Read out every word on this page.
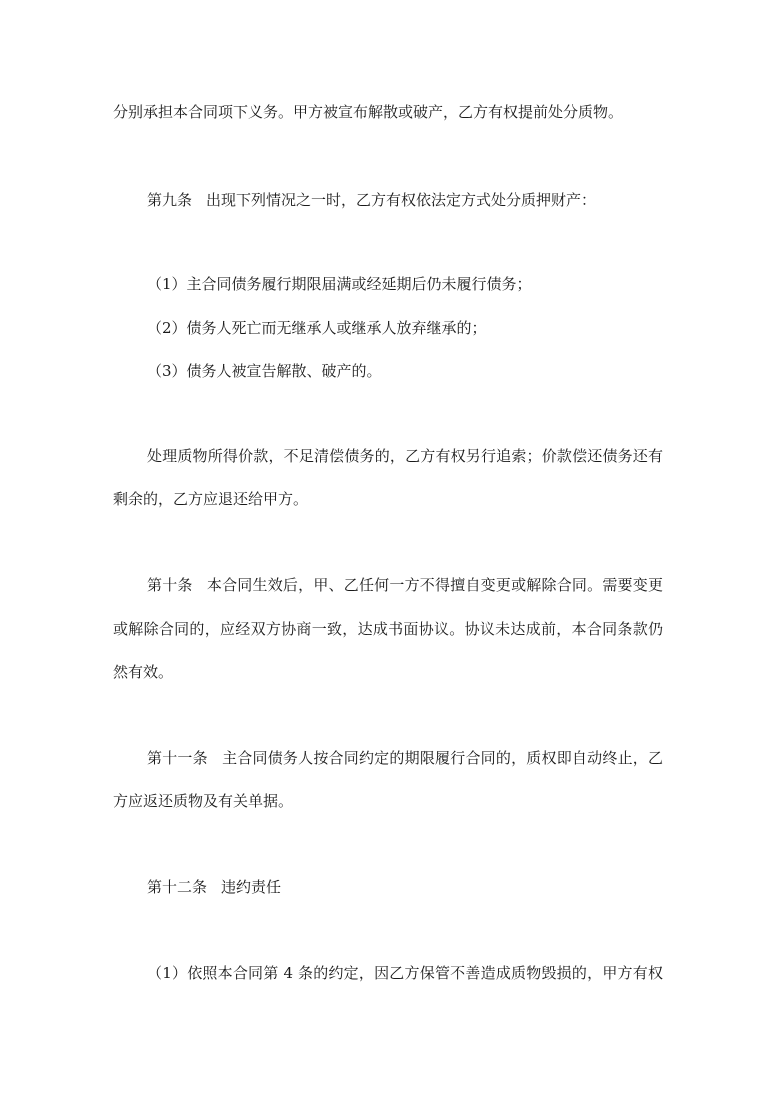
分别承担本合同项下义务。甲方被宣布解散或破产，乙方有权提前处分质物。

第九条 出现下列情况之一时，乙方有权依法定方式处分质押财产：

（1）主合同债务履行期限届满或经延期后仍未履行债务；

（2）债务人死亡而无继承人或继承人放弃继承的；

（3）债务人被宣告解散、破产的。

处理质物所得价款，不足清偿债务的，乙方有权另行追索；价款偿还债务还有

剩余的，乙方应退还给甲方。

第十条 本合同生效后，甲、乙任何一方不得擅自变更或解除合同。需要变更

或解除合同的，应经双方协商一致，达成书面协议。协议未达成前，本合同条款仍

然有效。

第十一条 主合同债务人按合同约定的期限履行合同的，质权即自动终止，乙

方应返还质物及有关单据。

第十二条 违约责任

（1）依照本合同第 4 条的约定，因乙方保管不善造成质物毁损的，甲方有权
